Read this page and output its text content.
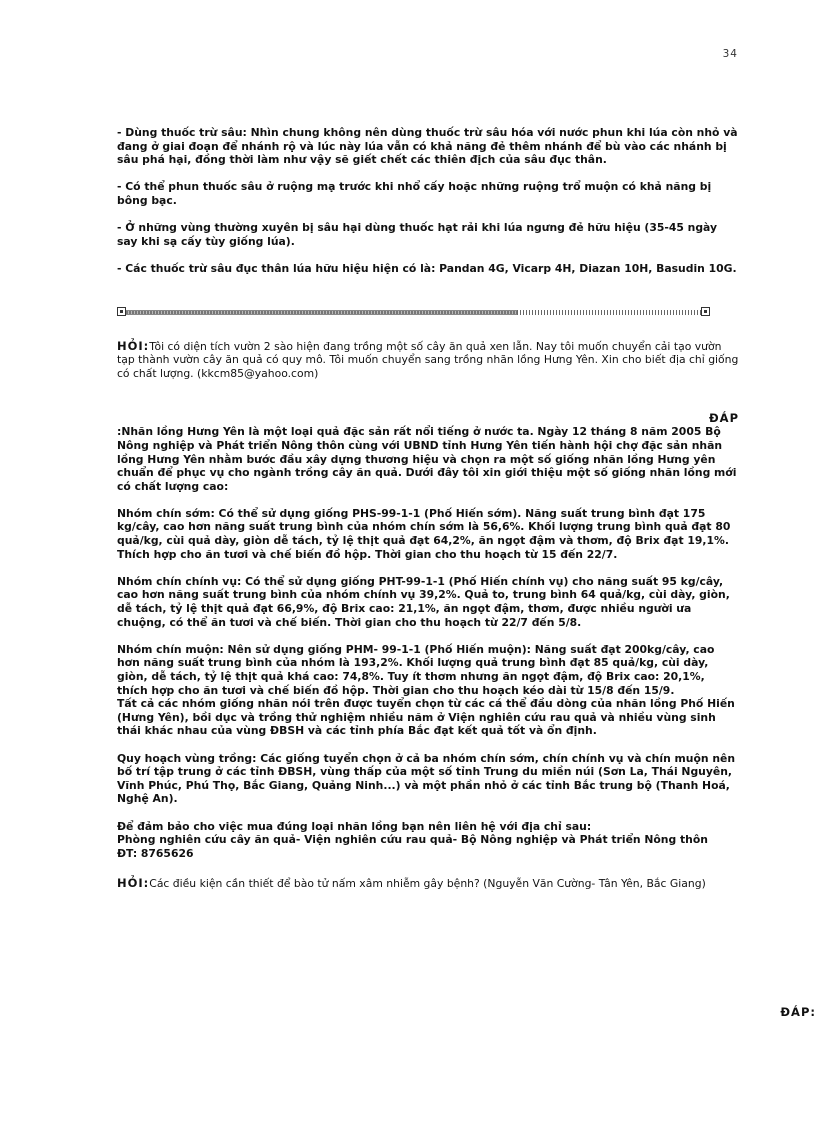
34

- Dùng thuốc trừ sâu: Nhìn chung không nên dùng thuốc trừ sâu hóa với nước phun khi lúa còn nhỏ và đang ở giai đoạn để nhánh rộ và lúc này lúa vẫn có khả năng đẻ thêm nhánh để bù vào các nhánh bị sâu phá hại, đồng thời làm như vậy sẽ giết chết các thiên địch của sâu đục thân.

- Có thể phun thuốc sâu ở ruộng mạ trước khi nhổ cấy hoặc những ruộng trổ muộn có khả năng bị bông bạc.

- Ở những vùng thường xuyên bị sâu hại dùng thuốc hạt rải khi lúa ngưng đẻ hữu hiệu (35-45 ngày say khi sạ cấy tùy giống lúa).

- Các thuốc trừ sâu đục thân lúa hữu hiệu hiện có là: Pandan 4G, Vicarp 4H, Diazan 10H, Basudin 10G.

HỎI:Tôi có diện tích vườn 2 sào hiện đang trồng một số cây ăn quả xen lẫn. Nay tôi muốn chuyển cải tạo vườn tạp thành vườn cây ăn quả có quy mô. Tôi muốn chuyển sang trồng nhãn lồng Hưng Yên. Xin cho biết địa chỉ giống có chất lượng. (kkcm85@yahoo.com)

ĐÁP

:Nhãn lồng Hưng Yên là một loại quả đặc sản rất nổi tiếng ở nước ta. Ngày 12 tháng 8 năm 2005 Bộ Nông nghiệp và Phát triển Nông thôn cùng với UBND tỉnh Hưng Yên tiến hành hội chợ đặc sản nhãn lồng Hưng Yên nhằm bước đầu xây dựng thương hiệu và chọn ra một số giống nhãn lồng Hưng yên chuẩn để phục vụ cho ngành trồng cây ăn quả. Dưới đây tôi xin giới thiệu một số giống nhãn lồng mới có chất lượng cao:

Nhóm chín sớm: Có thể sử dụng giống PHS-99-1-1 (Phố Hiến sớm). Năng suất trung bình đạt 175 kg/cây, cao hơn năng suất trung bình của nhóm chín sớm là 56,6%. Khối lượng trung bình quả đạt 80 quả/kg, cùi quả dày, giòn dễ tách, tỷ lệ thịt quả đạt 64,2%, ăn ngọt đậm và thơm, độ Brix đạt 19,1%. Thích hợp cho ăn tươi và chế biến đồ hộp. Thời gian cho thu hoạch từ 15 đến 22/7.

Nhóm chín chính vụ: Có thể sử dụng giống PHT-99-1-1 (Phố Hiến chính vụ) cho năng suất 95 kg/cây, cao hơn năng suất trung bình của nhóm chính vụ 39,2%. Quả to, trung bình 64 quả/kg, cùi dày, giòn, dễ tách, tỷ lệ thịt quả đạt 66,9%, độ Brix cao: 21,1%, ăn ngọt đậm, thơm, được nhiều người ưa chuộng, có thể ăn tươi và chế biến. Thời gian cho thu hoạch từ 22/7 đến 5/8.

Nhóm chín muộn: Nên sử dụng giống PHM- 99-1-1 (Phố Hiến muộn): Năng suất đạt 200kg/cây, cao hơn năng suất trung bình của nhóm là 193,2%. Khối lượng quả trung bình đạt 85 quả/kg, cùi dày, giòn, dễ tách, tỷ lệ thịt quả khá cao: 74,8%. Tuy ít thơm nhưng ăn ngọt đậm, độ Brix cao: 20,1%, thích hợp cho ăn tươi và chế biến đồ hộp. Thời gian cho thu hoạch kéo dài từ 15/8 đến 15/9.

Tất cả các nhóm giống nhãn nói trên được tuyển chọn từ các cá thể đầu dòng của nhãn lồng Phố Hiến (Hưng Yên), bồi dục và trồng thử nghiệm nhiều năm ở Viện nghiên cứu rau quả và nhiều vùng sinh thái khác nhau của vùng ĐBSH và các tỉnh phía Bắc đạt kết quả tốt và ổn định.

Quy hoạch vùng trồng: Các giống tuyển chọn ở cả ba nhóm chín sớm, chín chính vụ và chín muộn nên bố trí tập trung ở các tỉnh ĐBSH, vùng thấp của một số tỉnh Trung du miền núi (Sơn La, Thái Nguyên, Vĩnh Phúc, Phú Thọ, Bắc Giang, Quảng Ninh...) và một phần nhỏ ở các tỉnh Bắc trung bộ (Thanh Hoá, Nghệ An).

Để đảm bảo cho việc mua đúng loại nhãn lồng bạn nên liên hệ với địa chỉ sau:

Phòng nghiên cứu cây ăn quả- Viện nghiên cứu rau quả- Bộ Nông nghiệp và Phát triển Nông thôn

ĐT: 8765626

HỎI:Các điều kiện cần thiết để bào tử nấm xâm nhiễm gây bệnh? (Nguyễn Văn Cường- Tân Yên, Bắc Giang)

ĐÁP:
